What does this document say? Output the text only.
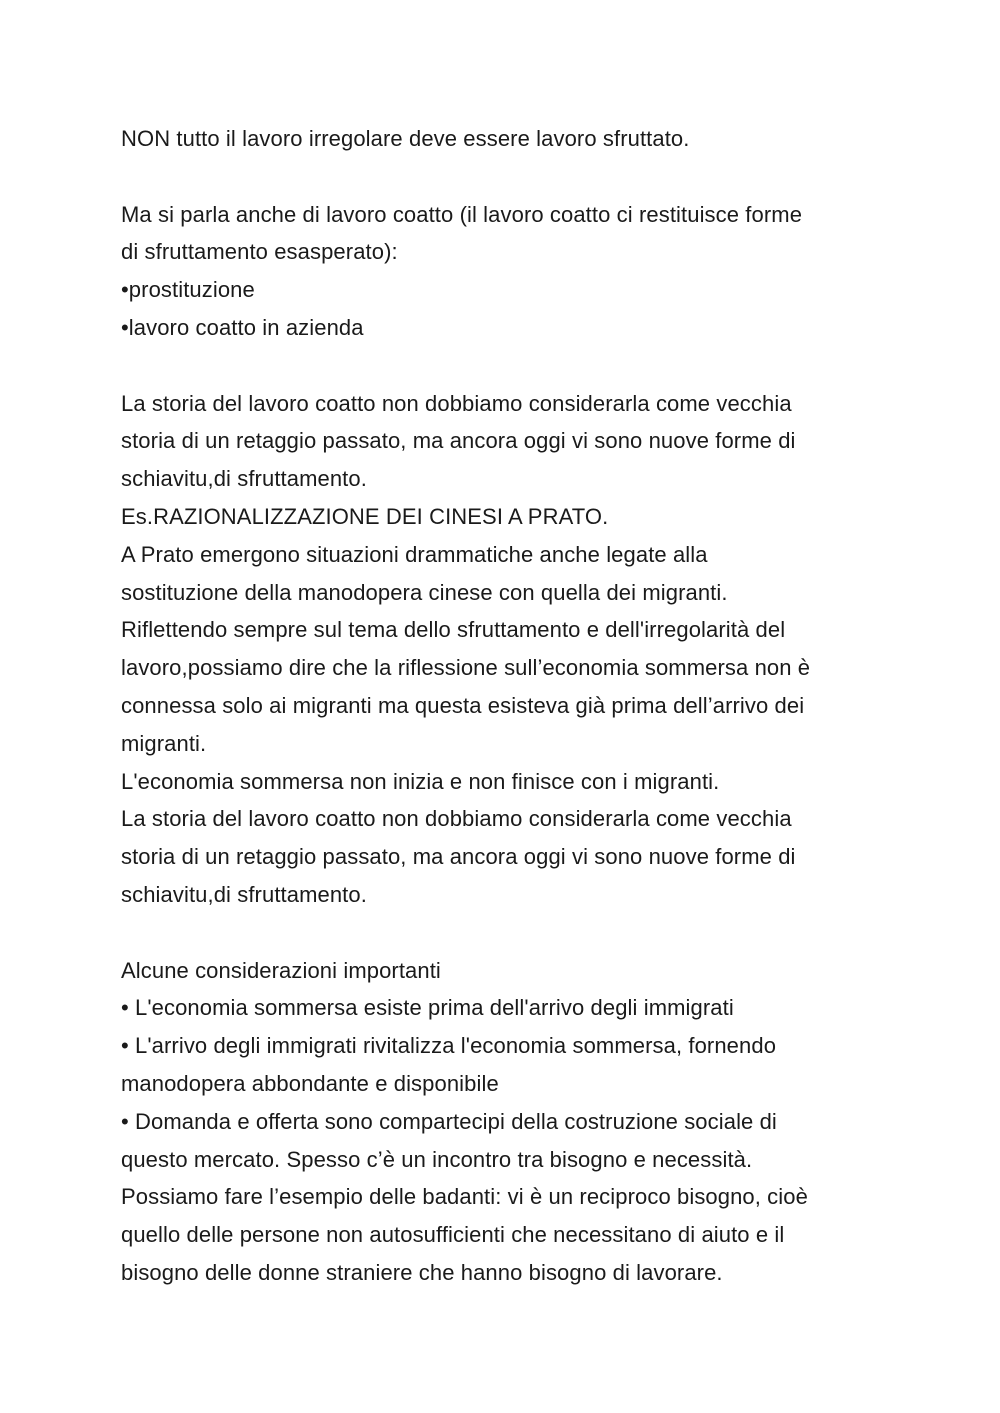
NON tutto il lavoro irregolare deve essere lavoro sfruttato.
Ma si parla anche di lavoro coatto (il lavoro coatto ci restituisce forme
di sfruttamento esasperato):
•prostituzione
•lavoro coatto in azienda
La storia del lavoro coatto non dobbiamo considerarla come vecchia
storia di un retaggio passato, ma ancora oggi vi sono nuove forme di
schiavitu,di sfruttamento.
Es.RAZIONALIZZAZIONE DEI CINESI A PRATO.
A Prato emergono situazioni drammatiche anche legate alla
sostituzione della manodopera cinese con quella dei migranti.
Riflettendo sempre sul tema dello sfruttamento e dell'irregolarità del
lavoro,possiamo dire che la riflessione sull’economia sommersa non è
connessa solo ai migranti ma questa esisteva già prima dell’arrivo dei
migranti.
L'economia sommersa non inizia e non finisce con i migranti.
La storia del lavoro coatto non dobbiamo considerarla come vecchia
storia di un retaggio passato, ma ancora oggi vi sono nuove forme di
schiavitu,di sfruttamento.
Alcune considerazioni importanti
• L'economia sommersa esiste prima dell'arrivo degli immigrati
• L'arrivo degli immigrati rivitalizza l'economia sommersa, fornendo
manodopera abbondante e disponibile
• Domanda e offerta sono compartecipi della costruzione sociale di
questo mercato. Spesso c’è un incontro tra bisogno e necessità.
Possiamo fare l’esempio delle badanti: vi è un reciproco bisogno, cioè
quello delle persone non autosufficienti che necessitano di aiuto e il
bisogno delle donne straniere che hanno bisogno di lavorare.
